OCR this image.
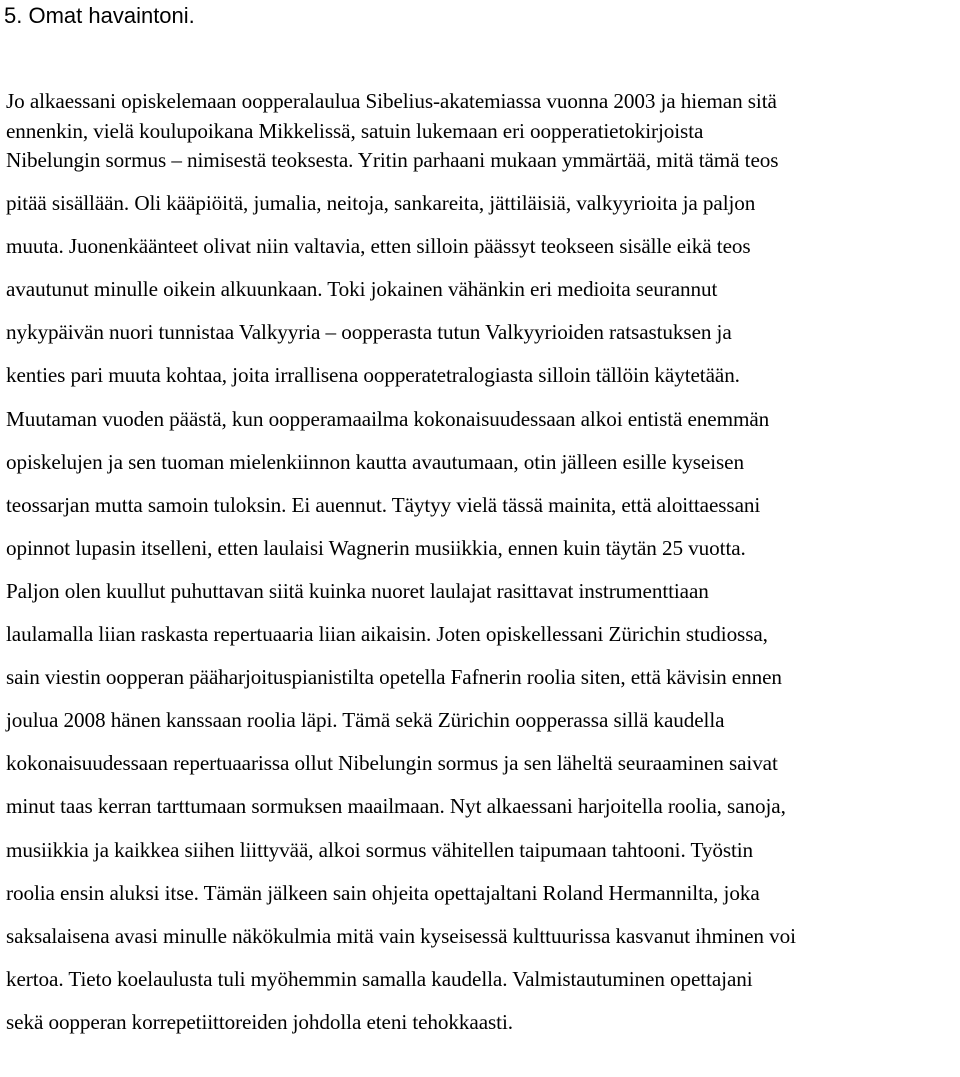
5. Omat havaintoni.
Jo alkaessani opiskelemaan oopperalaulua Sibelius-akatemiassa vuonna 2003 ja hieman sitä
ennenkin, vielä koulupoikana Mikkelissä, satuin lukemaan eri oopperatietokirjoista
Nibelungin sormus – nimisestä teoksesta. Yritin parhaani mukaan ymmärtää, mitä tämä teos
pitää sisällään. Oli kääpiöitä, jumalia, neitoja, sankareita, jättiläisiä, valkyyrioita ja paljon
muuta. Juonenkäänteet olivat niin valtavia, etten silloin päässyt teokseen sisälle eikä teos
avautunut minulle oikein alkuunkaan. Toki jokainen vähänkin eri medioita seurannut
nykypäivän nuori tunnistaa Valkyyria – oopperasta tutun Valkyyrioiden ratsastuksen ja
kenties pari muuta kohtaa, joita irrallisena oopperatetralogiasta silloin tällöin käytetään.
Muutaman vuoden päästä, kun oopperamaailma kokonaisuudessaan alkoi entistä enemmän
opiskelujen ja sen tuoman mielenkiinnon kautta avautumaan, otin jälleen esille kyseisen
teossarjan mutta samoin tuloksin. Ei auennut. Täytyy vielä tässä mainita, että aloittaessani
opinnot lupasin itselleni, etten laulaisi Wagnerin musiikkia, ennen kuin täytän 25 vuotta.
Paljon olen kuullut puhuttavan siitä kuinka nuoret laulajat rasittavat instrumenttiaan
laulamalla liian raskasta repertuaaria liian aikaisin. Joten opiskellessani Zürichin studiossa,
sain viestin oopperan pääharjoituspianistilta opetella Fafnerin roolia siten, että kävisin ennen
joulua 2008 hänen kanssaan roolia läpi. Tämä sekä Zürichin oopperassa sillä kaudella
kokonaisuudessaan repertuaarissa ollut Nibelungin sormus ja sen läheltä seuraaminen saivat
minut taas kerran tarttumaan sormuksen maailmaan. Nyt alkaessani harjoitella roolia, sanoja,
musiikkia ja kaikkea siihen liittyvää, alkoi sormus vähitellen taipumaan tahtooni. Työstin
roolia ensin aluksi itse. Tämän jälkeen sain ohjeita opettajaltani Roland Hermannilta, joka
saksalaisena avasi minulle näkökulmia mitä vain kyseisessä kulttuurissa kasvanut ihminen voi
kertoa. Tieto koelaulusta tuli myöhemmin samalla kaudella. Valmistautuminen opettajani
sekä oopperan korrepetiittoreiden johdolla eteni tehokkaasti.
